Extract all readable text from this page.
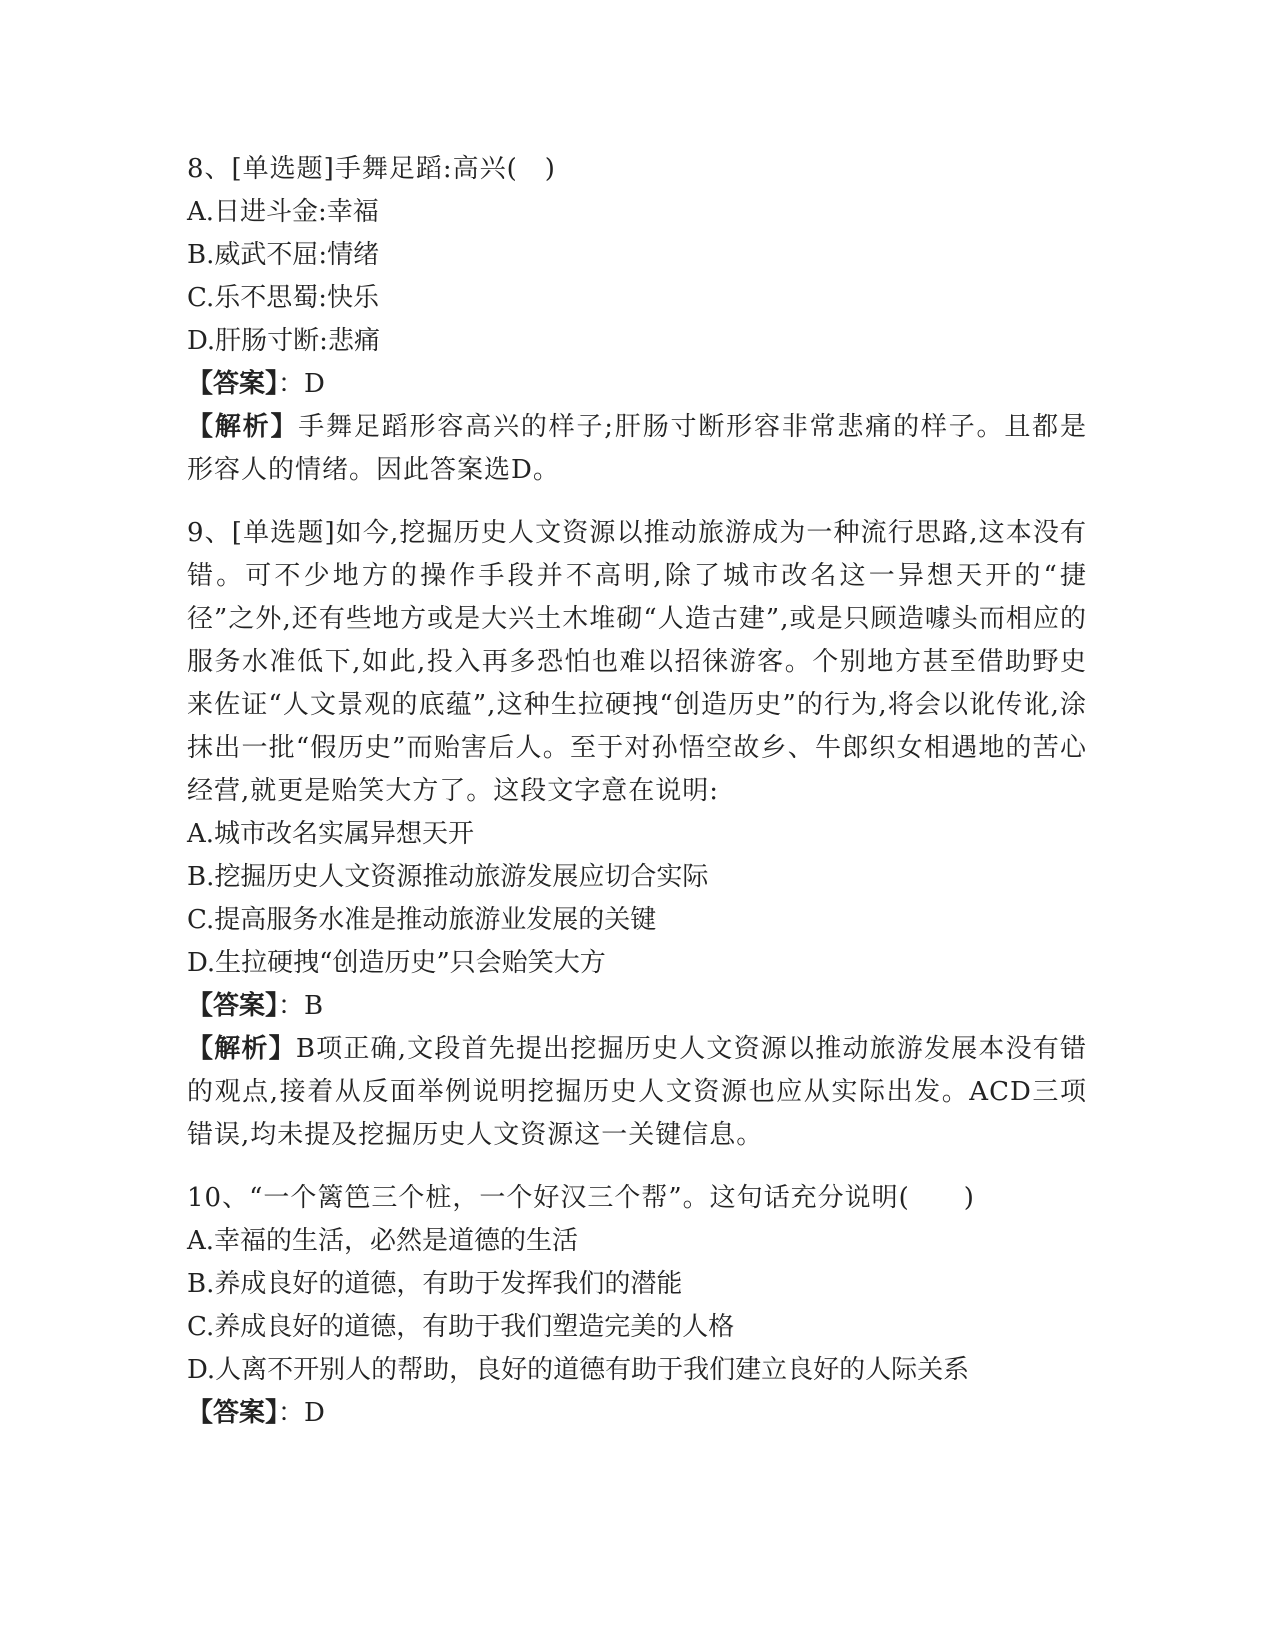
8、[单选题]手舞足蹈:高兴(　)
A.日进斗金:幸福
B.威武不屈:情绪
C.乐不思蜀:快乐
D.肝肠寸断:悲痛
【答案】：D
【解析】手舞足蹈形容高兴的样子;肝肠寸断形容非常悲痛的样子。且都是形容人的情绪。因此答案选D。
9、[单选题]如今,挖掘历史人文资源以推动旅游成为一种流行思路,这本没有错。可不少地方的操作手段并不高明,除了城市改名这一异想天开的“捷径”之外,还有些地方或是大兴土木堆砌“人造古建”,或是只顾造噱头而相应的服务水准低下,如此,投入再多恐怕也难以招徕游客。个别地方甚至借助野史来佐证“人文景观的底蕴”,这种生拉硬拽“创造历史”的行为,将会以讹传讹,涂抹出一批“假历史”而贻害后人。至于对孙悟空故乡、牛郎织女相遇地的苦心经营,就更是贻笑大方了。这段文字意在说明:
A.城市改名实属异想天开
B.挖掘历史人文资源推动旅游发展应切合实际
C.提高服务水准是推动旅游业发展的关键
D.生拉硬拽“创造历史”只会贻笑大方
【答案】：B
【解析】B项正确,文段首先提出挖掘历史人文资源以推动旅游发展本没有错的观点,接着从反面举例说明挖掘历史人文资源也应从实际出发。ACD三项错误,均未提及挖掘历史人文资源这一关键信息。
10、“一个篱笆三个桩，一个好汉三个帮”。这句话充分说明(　　)
A.幸福的生活，必然是道德的生活
B.养成良好的道德，有助于发挥我们的潜能
C.养成良好的道德，有助于我们塑造完美的人格
D.人离不开别人的帮助，良好的道德有助于我们建立良好的人际关系
【答案】：D
